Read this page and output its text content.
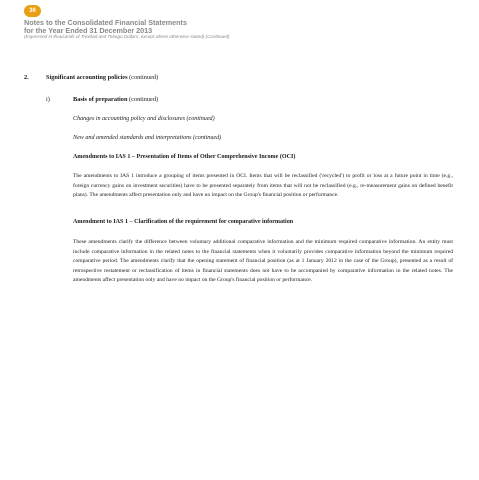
36
Notes to the Consolidated Financial Statements
for the Year Ended 31 December 2013
(Expressed in thousands of Trinidad and Tobago Dollars, except where otherwise stated) (Continued)
2.	Significant accounting policies (continued)
i)	Basis of preparation (continued)
Changes in accounting policy and disclosures (continued)
New and amended standards and interpretations (continued)
Amendments to IAS 1 – Presentation of Items of Other Comprehensive Income (OCI)
The amendments to IAS 1 introduce a grouping of items presented in OCI. Items that will be reclassified ('recycled') to profit or loss at a future point in time (e.g., foreign currency gains on investment securities) have to be presented separately from items that will not be reclassified (e.g., re-measurement gains on defined benefit plans). The amendments affect presentation only and have no impact on the Group's financial position or performance.
Amendment to IAS 1 – Clarification of the requirement for comparative information
These amendments clarify the difference between voluntary additional comparative information and the minimum required comparative information. An entity must include comparative information in the related notes to the financial statements when it voluntarily provides comparative information beyond the minimum required comparative period. The amendments clarify that the opening statement of financial position (as at 1 January 2012 in the case of the Group), presented as a result of retrospective restatement or reclassification of items in financial statements does not have to be accompanied by comparative information in the related notes. The amendments affect presentation only and have no impact on the Group's financial position or performance.
